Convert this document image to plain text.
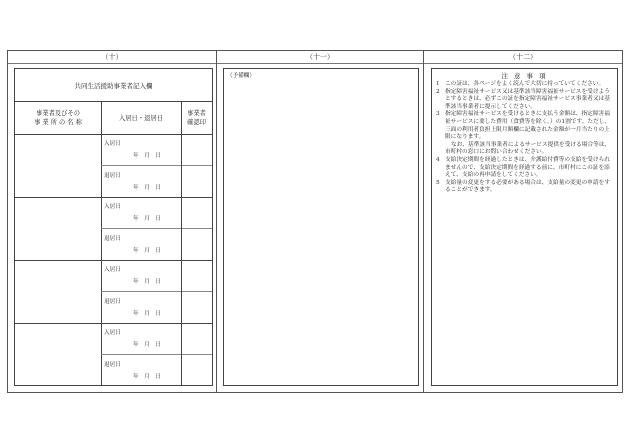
（十）
共同生活援助事業者記入欄
事業者及びその
事 業 所 の 名 称	入居日・退居日
事業者
確認印
入居日
年　月　日
退居日
年　月　日
入居日
年　月　日
退居日
年　月　日
入居日
年　月　日
退居日
年　月　日
入居日
年　月　日
退居日
年　月　日
（十一）
（予備欄）
（十二）
注 意 事 項
1 この証は、各ページをよく読んで大切に持っていてください。
2 指定障害福祉サービス又は基準該当障害福祉サービスを受けようとするときは、必ずこの証を指定障害福祉サービス事業者又は基準該当事業者に提示してください。
3 指定障害福祉サービスを受けるときに支払う金額は、指定障害福祉サービスに要した費用（食費等を除く。）の1割です。ただし、三面の利用者負担上限月額欄に記載された金額が一月当たりの上限になります。
なお、基準該当事業者によるサービス提供を受ける場合等は、市町村の窓口にお問い合わせください。
4 支給決定期間を経過したときは、介護給付費等の支給を受けられませんので、支給決定期間を経過する前に、市町村にこの証を添えて、支給の再申請をしてください。
5 支給量の変更をする必要がある場合は、支給量の変更の申請をすることができます。
